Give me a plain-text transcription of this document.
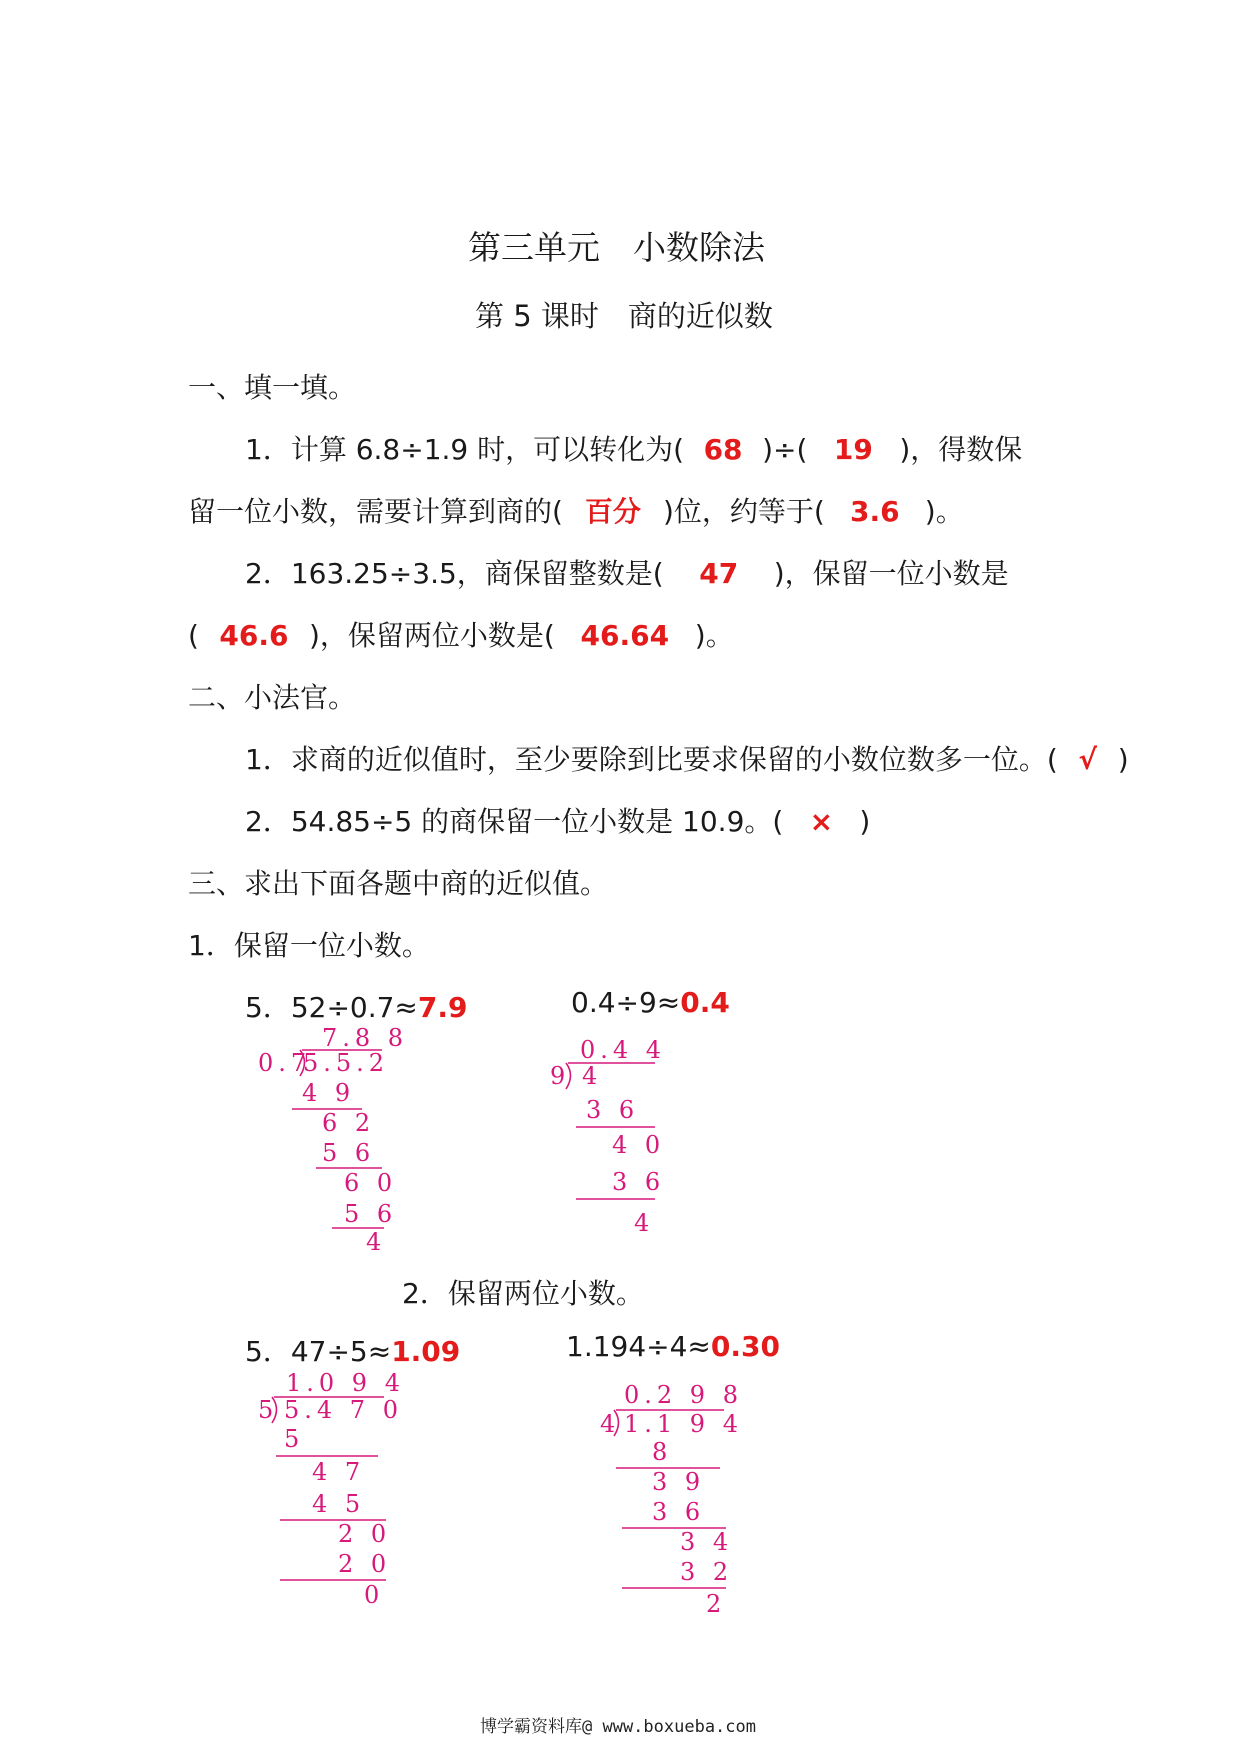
第三单元　小数除法
第 5 课时　商的近似数
一、填一填。
1．计算 6.8÷1.9 时，可以转化为( 68 )÷( 19 )，得数保
留一位小数，需要计算到商的( 百分 )位，约等于( 3.6 )。
2．163.25÷3.5，商保留整数是( 47 )，保留一位小数是
( 46.6 )，保留两位小数是( 46.64 )。
二、小法官。
1．求商的近似值时，至少要除到比要求保留的小数位数多一位。( √ )
2．54.85÷5 的商保留一位小数是 10.9。( × )
三、求出下面各题中商的近似值。
1．保留一位小数。
5．52÷0.7≈7.9	0.4÷9≈0.4
2．保留两位小数。
5．47÷5≈1.09	1.194÷4≈0.30
7.8 8
0.7
5.5.2
4 9
6 2
5 6
6 0
5 6
4
0.4 4
9 4
3 6
4 0
3 6
4
1.0 9 4
5 5.4 7 0
5
4 7
4 5
2 0
2 0
0
0.2 9 8
4 1.1 9 4
8
3 9
3 6
3 4
3 2
2
博学霸资料库@ www.boxueba.com
